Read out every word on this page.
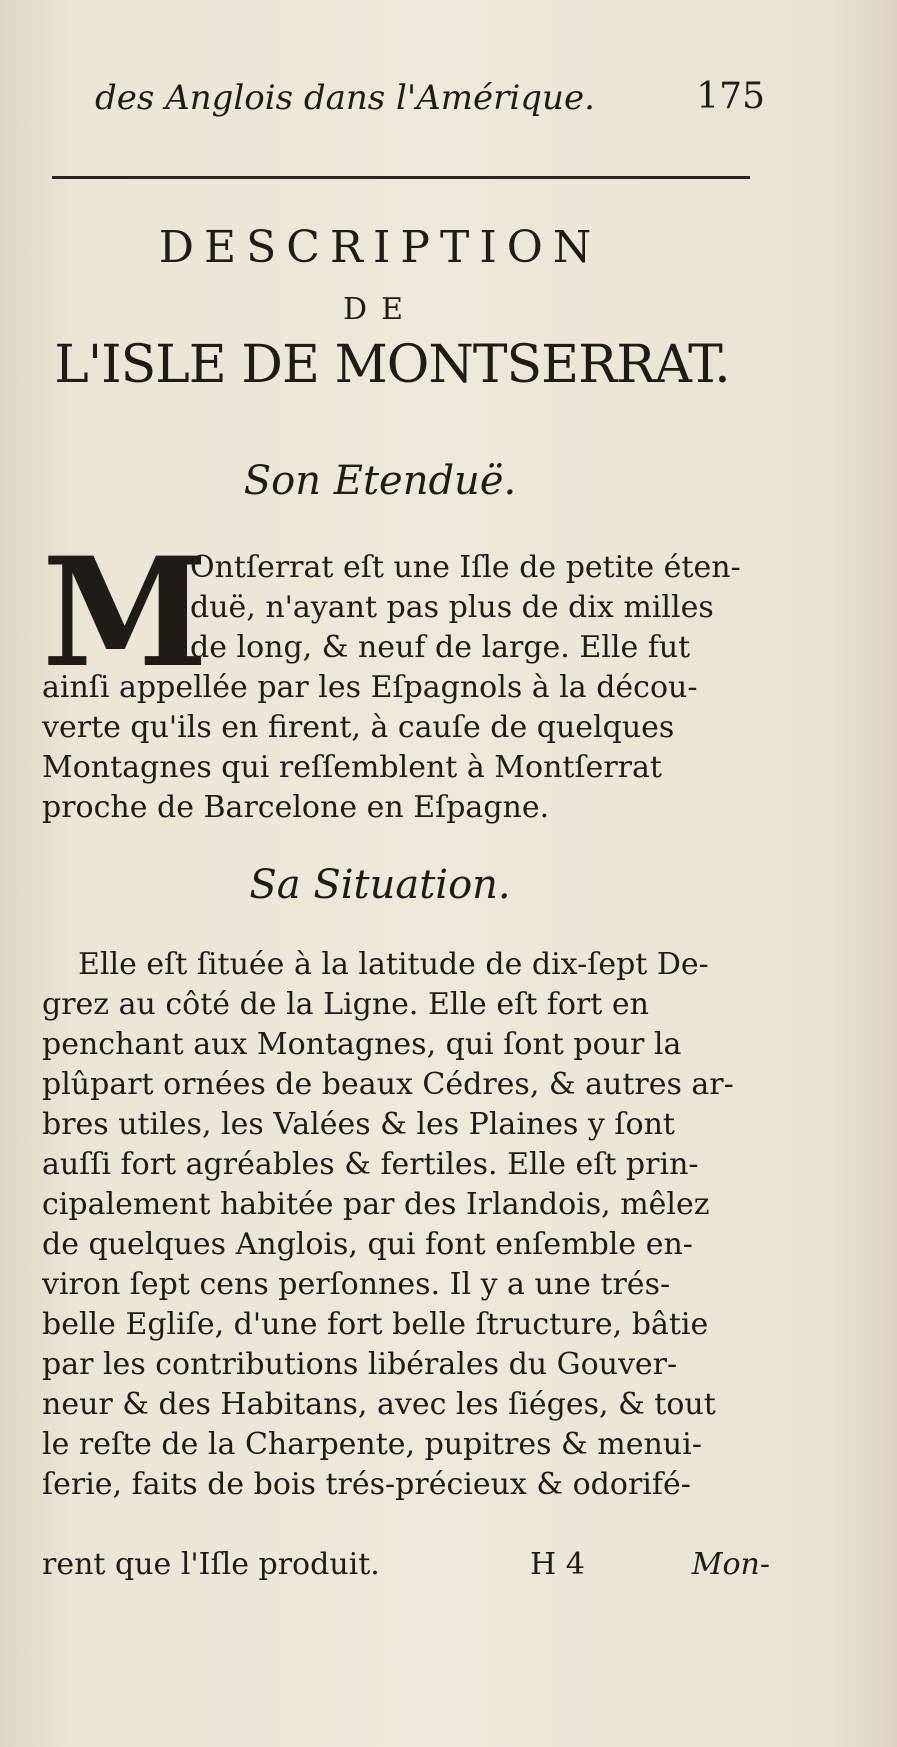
des Anglois dans l'Amérique.	175
DESCRIPTION
DE
L'ISLE DE MONTSERRAT.
Son Etenduë.
M
Ontſerrat eſt une Iſle de petite éten-
duë, n'ayant pas plus de dix milles
de long, & neuf de large. Elle fut
ainſi appellée par les Eſpagnols à la décou-
verte qu'ils en firent, à cauſe de quelques
Montagnes qui reſſemblent à Montſerrat
proche de Barcelone en Eſpagne.
Sa Situation.
Elle eſt ſituée à la latitude de dix-ſept De-
grez au côté de la Ligne. Elle eſt fort en
penchant aux Montagnes, qui ſont pour la
plûpart ornées de beaux Cédres, & autres ar-
bres utiles, les Valées & les Plaines y ſont
auſſi fort agréables & fertiles. Elle eſt prin-
cipalement habitée par des Irlandois, mêlez
de quelques Anglois, qui font enſemble en-
viron ſept cens perſonnes. Il y a une trés-
belle Egliſe, d'une fort belle ſtructure, bâtie
par les contributions libérales du Gouver-
neur & des Habitans, avec les ſiéges, & tout
le reſte de la Charpente, pupitres & menui-
ſerie, faits de bois trés-précieux & odorifé-
rent que l'Iſle produit.	H 4	Mon-
